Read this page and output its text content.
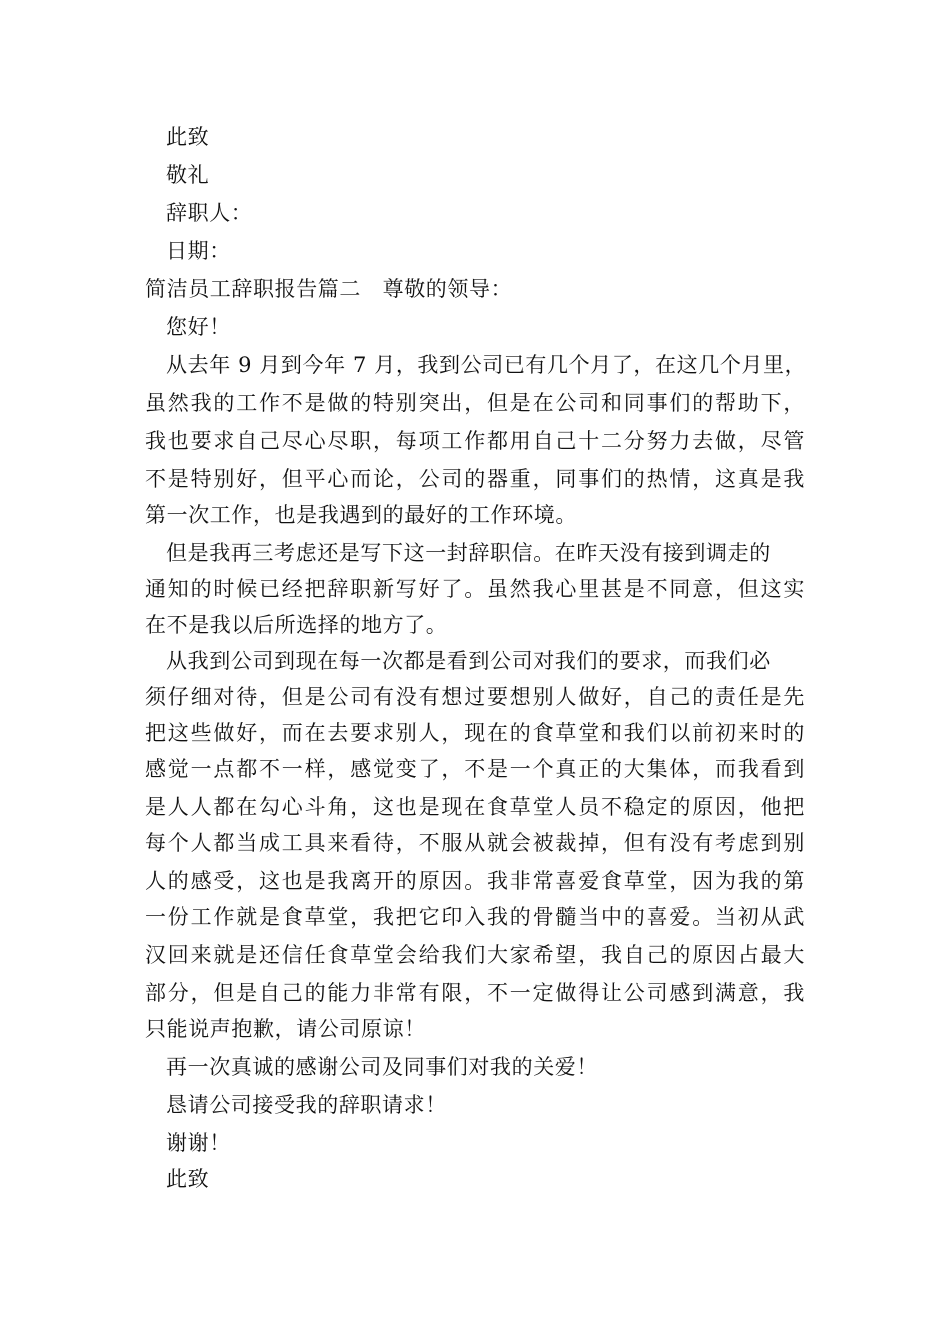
此致
敬礼
辞职人：
日期：
简洁员工辞职报告篇二　尊敬的领导：
您好！
从去年 9 月到今年 7 月，我到公司已有几个月了，在这几个月里，
虽然我的工作不是做的特别突出，但是在公司和同事们的帮助下，
我也要求自己尽心尽职，每项工作都用自己十二分努力去做，尽管
不是特别好，但平心而论，公司的器重，同事们的热情，这真是我
第一次工作，也是我遇到的最好的工作环境。
但是我再三考虑还是写下这一封辞职信。在昨天没有接到调走的
通知的时候已经把辞职新写好了。虽然我心里甚是不同意，但这实
在不是我以后所选择的地方了。
从我到公司到现在每一次都是看到公司对我们的要求，而我们必
须仔细对待，但是公司有没有想过要想别人做好，自己的责任是先
把这些做好，而在去要求别人，现在的食草堂和我们以前初来时的
感觉一点都不一样，感觉变了，不是一个真正的大集体，而我看到
是人人都在勾心斗角，这也是现在食草堂人员不稳定的原因，他把
每个人都当成工具来看待，不服从就会被裁掉，但有没有考虑到别
人的感受，这也是我离开的原因。我非常喜爱食草堂，因为我的第
一份工作就是食草堂，我把它印入我的骨髓当中的喜爱。当初从武
汉回来就是还信任食草堂会给我们大家希望，我自己的原因占最大
部分，但是自己的能力非常有限，不一定做得让公司感到满意，我
只能说声抱歉，请公司原谅！
再一次真诚的感谢公司及同事们对我的关爱！
恳请公司接受我的辞职请求！
谢谢！
此致
